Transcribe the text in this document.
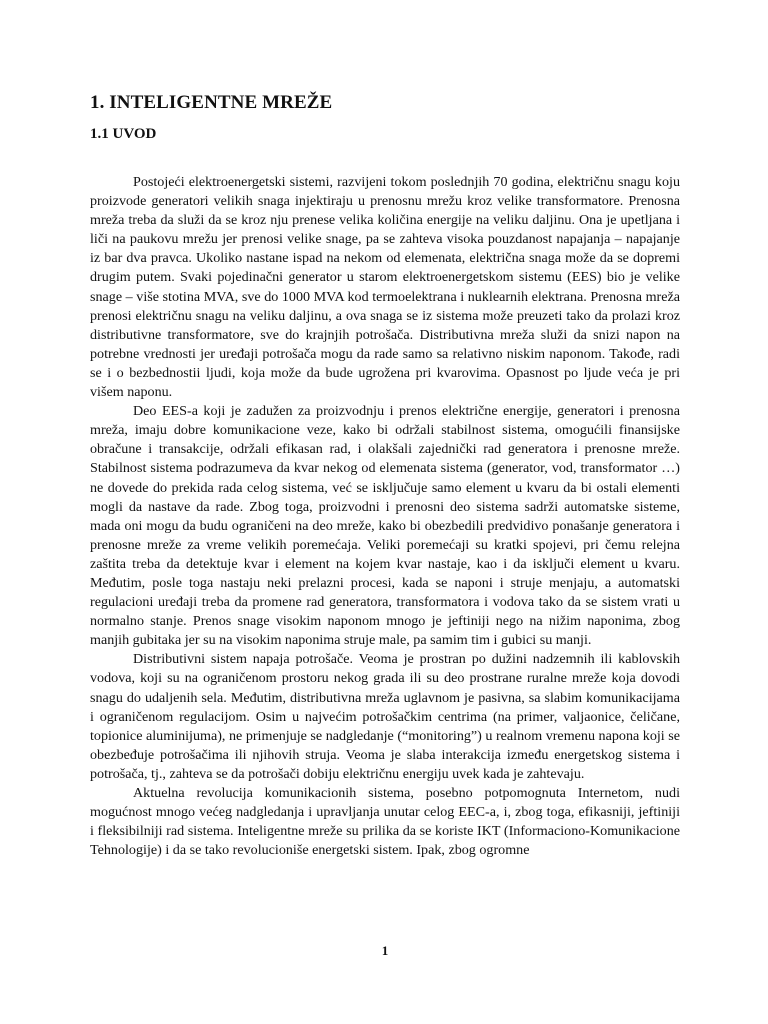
1. INTELIGENTNE MREŽE
1.1 UVOD

Postojeći elektroenergetski sistemi, razvijeni tokom poslednjih 70 godina, električnu snagu koju proizvode generatori velikih snaga injektiraju u prenosnu mrežu kroz velike transformatore. Prenosna mreža treba da služi da se kroz nju prenese velika količina energije na veliku daljinu. Ona je upetljana i liči na paukovu mrežu jer prenosi velike snage, pa se zahteva visoka pouzdanost napajanja – napajanje iz bar dva pravca. Ukoliko nastane ispad na nekom od elemenata, električna snaga može da se dopremi drugim putem. Svaki pojedinačni generator u starom elektroenergetskom sistemu (EES) bio je velike snage – više stotina MVA, sve do 1000 MVA kod termoelektrana i nuklearnih elektrana. Prenosna mreža prenosi električnu snagu na veliku daljinu, a ova snaga se iz sistema može preuzeti tako da prolazi kroz distributivne transformatore, sve do krajnjih potrošača. Distributivna mreža služi da snizi napon na potrebne vrednosti jer uređaji potrošača mogu da rade samo sa relativno niskim naponom. Takođe, radi se i o bezbednostii ljudi, koja može da bude ugrožena pri kvarovima. Opasnost po ljude veća je pri višem naponu.

Deo EES-a koji je zadužen za proizvodnju i prenos električne energije, generatori i prenosna mreža, imaju dobre komunikacione veze, kako bi održali stabilnost sistema, omogućili finansijske obračune i transakcije, održali efikasan rad, i olakšali zajednički rad generatora i prenosne mreže. Stabilnost sistema podrazumeva da kvar nekog od elemenata sistema (generator, vod, transformator …) ne dovede do prekida rada celog sistema, već se isključuje samo element u kvaru da bi ostali elementi mogli da nastave da rade. Zbog toga, proizvodni i prenosni deo sistema sadrži automatske sisteme, mada oni mogu da budu ograničeni na deo mreže, kako bi obezbedili predvidivo ponašanje generatora i prenosne mreže za vreme velikih poremećaja. Veliki poremećaji su kratki spojevi, pri čemu relejna zaštita treba da detektuje kvar i element na kojem kvar nastaje, kao i da isključi element u kvaru. Međutim, posle toga nastaju neki prelazni procesi, kada se naponi i struje menjaju, a automatski regulacioni uređaji treba da promene rad generatora, transformatora i vodova tako da se sistem vrati u normalno stanje. Prenos snage visokim naponom mnogo je jeftiniji nego na nižim naponima, zbog manjih gubitaka jer su na visokim naponima struje male, pa samim tim i gubici su manji.

Distributivni sistem napaja potrošače. Veoma je prostran po dužini nadzemnih ili kablovskih vodova, koji su na ograničenom prostoru nekog grada ili su deo prostrane ruralne mreže koja dovodi snagu do udaljenih sela. Međutim, distributivna mreža uglavnom je pasivna, sa slabim komunikacijama i ograničenom regulacijom. Osim u najvećim potrošačkim centrima (na primer, valjaonice, čeličane, topionice aluminijuma), ne primenjuje se nadgledanje (“monitoring”) u realnom vremenu napona koji se obezbeđuje potrošačima ili njihovih struja. Veoma je slaba interakcija između energetskog sistema i potrošača, tj., zahteva se da potrošači dobiju električnu energiju uvek kada je zahtevaju.

Aktuelna revolucija komunikacionih sistema, posebno potpomognuta Internetom, nudi mogućnost mnogo većeg nadgledanja i upravljanja unutar celog EEC-a, i, zbog toga, efikasniji, jeftiniji i fleksibilniji rad sistema. Inteligentne mreže su prilika da se koriste IKT (Informaciono-Komunikacione Tehnologije) i da se tako revolucioniše energetski sistem. Ipak, zbog ogromne

1
